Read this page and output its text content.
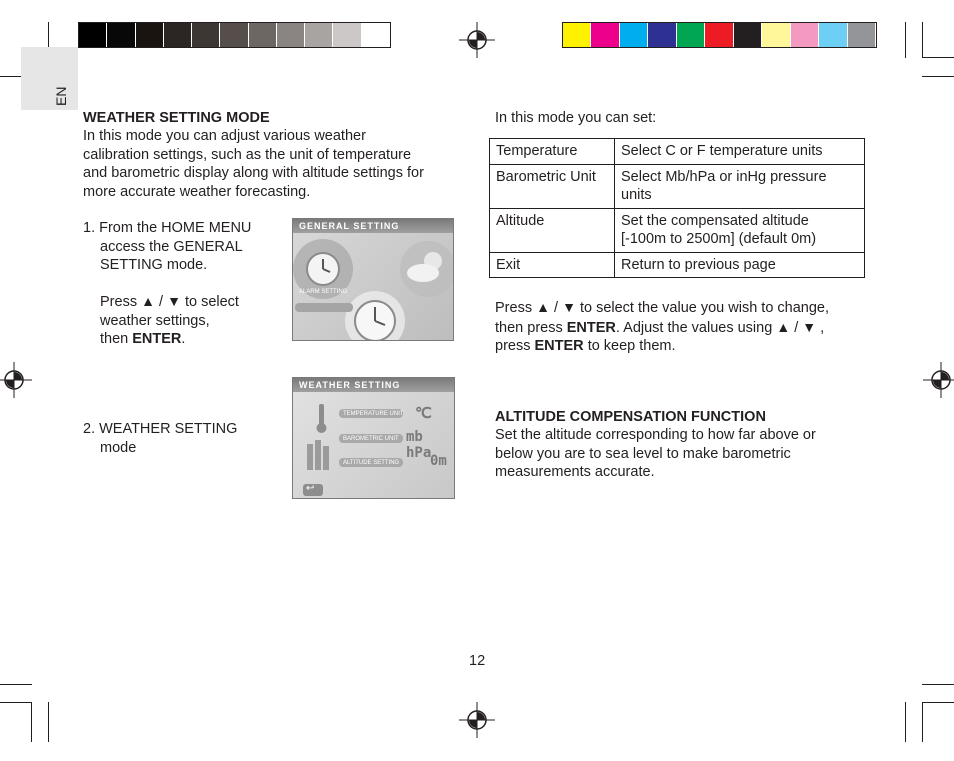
EN
WEATHER SETTING MODE
In this mode you can adjust various weather
calibration settings, such as the unit of temperature
and barometric display along with altitude settings for
more accurate weather forecasting.
1. From the HOME MENU
access the GENERAL
SETTING mode.
Press ▲ / ▼ to select
weather settings,
then ENTER.
2. WEATHER SETTING
mode
GENERAL SETTING
ALARM SETTING
WEATHER SETTING
TEMPERATURE UNIT ℃
BAROMETRIC UNIT mb hPa
ALTITUDE SETTING 0m
↩
In this mode you can set:
Temperature	Select C or F temperature units

Barometric Unit	Select Mb/hPa or inHg pressure
units

Altitude	Set the compensated altitude
[-100m to 2500m] (default 0m)

Exit	Return to previous page
Press ▲ / ▼ to select the value you wish to change,
then press ENTER. Adjust the values using ▲ / ▼ ,
press ENTER to keep them.
ALTITUDE COMPENSATION FUNCTION
Set the altitude corresponding to how far above or
below you are to sea level to make barometric
measurements accurate.
12
